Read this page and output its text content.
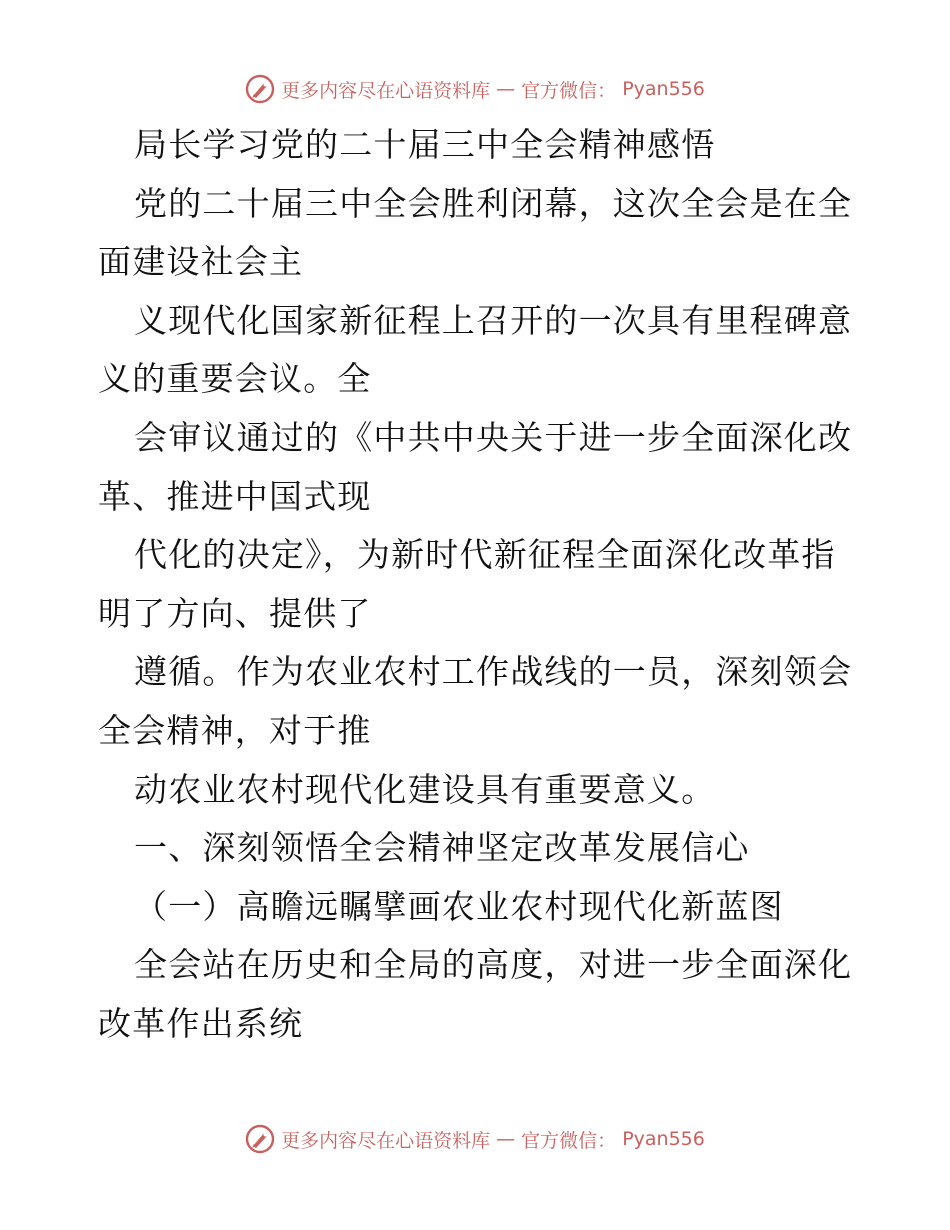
更多内容尽在心语资料库 — 官方微信： Pyan556
局长学习党的二十届三中全会精神感悟
党的二十届三中全会胜利闭幕，这次全会是在全
面建设社会主
义现代化国家新征程上召开的一次具有里程碑意
义的重要会议。全
会审议通过的《中共中央关于进一步全面深化改
革、推进中国式现
代化的决定》，为新时代新征程全面深化改革指
明了方向、提供了
遵循。作为农业农村工作战线的一员，深刻领会
全会精神，对于推
动农业农村现代化建设具有重要意义。
一、深刻领悟全会精神坚定改革发展信心
（一）高瞻远瞩擘画农业农村现代化新蓝图
全会站在历史和全局的高度，对进一步全面深化
改革作出系统
更多内容尽在心语资料库 — 官方微信： Pyan556
